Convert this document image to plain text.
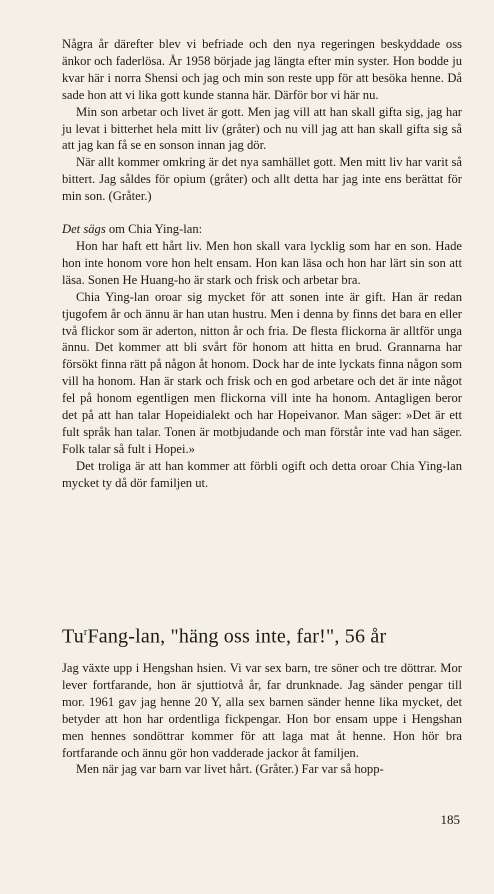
Några år därefter blev vi befriade och den nya regeringen beskyddade oss änkor och faderlösa. År 1958 började jag längta efter min syster. Hon bodde ju kvar här i norra Shensi och jag och min son reste upp för att besöka henne. Då sade hon att vi lika gott kunde stanna här. Därför bor vi här nu.

Min son arbetar och livet är gott. Men jag vill att han skall gifta sig, jag har ju levat i bitterhet hela mitt liv (gråter) och nu vill jag att han skall gifta sig så att jag kan få se en sonson innan jag dör.

När allt kommer omkring är det nya samhället gott. Men mitt liv har varit så bittert. Jag såldes för opium (gråter) och allt detta har jag inte ens berättat för min son. (Gråter.)

Det sägs om Chia Ying-lan:

Hon har haft ett hårt liv. Men hon skall vara lycklig som har en son. Hade hon inte honom vore hon helt ensam. Hon kan läsa och hon har lärt sin son att läsa. Sonen He Huang-ho är stark och frisk och arbetar bra.

Chia Ying-lan oroar sig mycket för att sonen inte är gift. Han är redan tjugofem år och ännu är han utan hustru. Men i denna by finns det bara en eller två flickor som är aderton, nitton år och fria. De flesta flickorna är alltför unga ännu. Det kommer att bli svårt för honom att hitta en brud. Grannarna har försökt finna rätt på någon åt honom. Dock har de inte lyckats finna någon som vill ha honom. Han är stark och frisk och en god arbetare och det är inte något fel på honom egentligen men flickorna vill inte ha honom. Antagligen beror det på att han talar Hopeidialekt och har Hopeivanor. Man säger: »Det är ett fult språk han talar. Tonen är motbjudande och man förstår inte vad han säger. Folk talar så fult i Hopei.»

Det troliga är att han kommer att förbli ogift och detta oroar Chia Ying-lan mycket ty då dör familjen ut.

Tu$^r$Fang-lan, "häng oss inte, far!", 56 år

Jag växte upp i Hengshan hsien. Vi var sex barn, tre söner och tre döttrar. Mor lever fortfarande, hon är sjuttiotvå år, far drunknade. Jag sänder pengar till mor. 1961 gav jag henne 20 Y, alla sex barnen sänder henne lika mycket, det betyder att hon har ordentliga fickpengar. Hon bor ensam uppe i Hengshan men hennes sondöttrar kommer för att laga mat åt henne. Hon hör bra fortfarande och ännu gör hon vadderade jackor åt familjen.

Men när jag var barn var livet hårt. (Gråter.) Far var så hopp-

185
